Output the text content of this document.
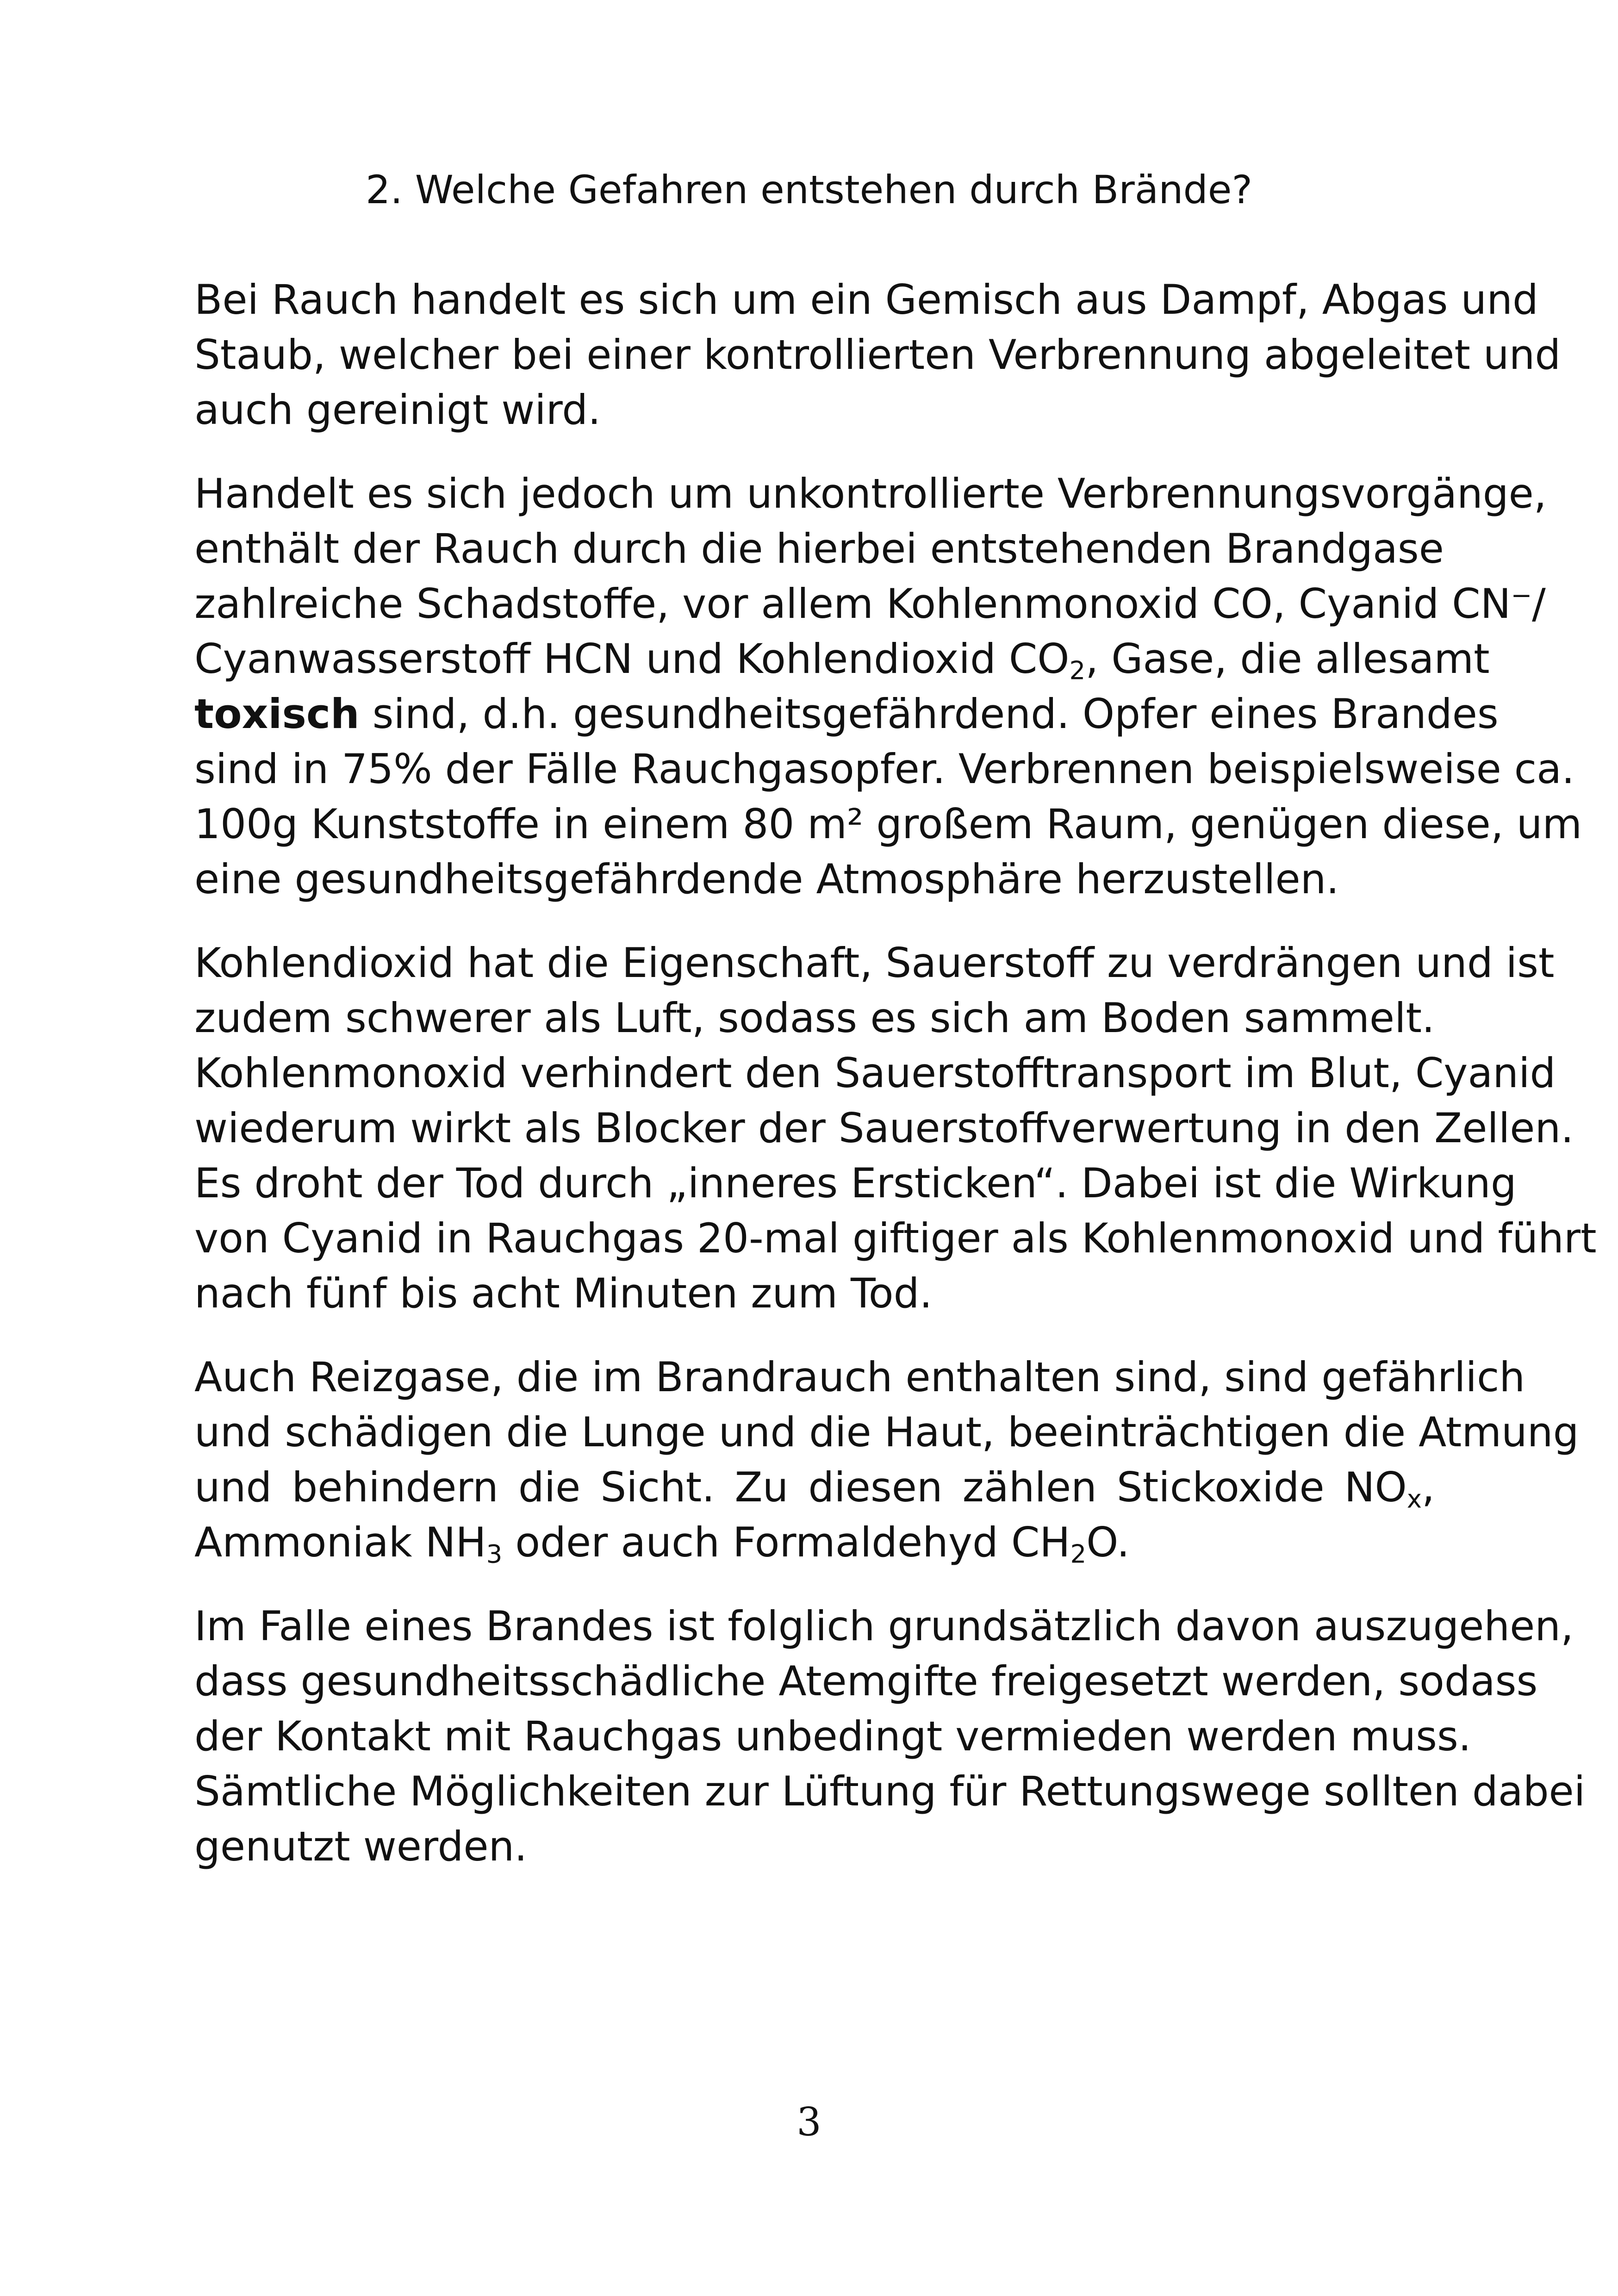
2. Welche Gefahren entstehen durch Brände?

Bei Rauch handelt es sich um ein Gemisch aus Dampf, Abgas und
Staub, welcher bei einer kontrollierten Verbrennung abgeleitet und
auch gereinigt wird.

Handelt es sich jedoch um unkontrollierte Verbrennungsvorgänge,
enthält der Rauch durch die hierbei entstehenden Brandgase
zahlreiche Schadstoffe, vor allem Kohlenmonoxid CO, Cyanid CN−/
Cyanwasserstoff HCN und Kohlendioxid $CO_2$, Gase, die allesamt
toxisch sind, d.h. gesundheitsgefährdend. Opfer eines Brandes
sind in 75% der Fälle Rauchgasopfer. Verbrennen beispielsweise ca.
100g Kunststoffe in einem 80 m² großem Raum, genügen diese, um
eine gesundheitsgefährdende Atmosphäre herzustellen.

Kohlendioxid hat die Eigenschaft, Sauerstoff zu verdrängen und ist
zudem schwerer als Luft, sodass es sich am Boden sammelt.
Kohlenmonoxid verhindert den Sauerstofftransport im Blut, Cyanid
wiederum wirkt als Blocker der Sauerstoffverwertung in den Zellen.
Es droht der Tod durch „inneres Ersticken“. Dabei ist die Wirkung
von Cyanid in Rauchgas 20-mal giftiger als Kohlenmonoxid und führt
nach fünf bis acht Minuten zum Tod.

Auch Reizgase, die im Brandrauch enthalten sind, sind gefährlich
und schädigen die Lunge und die Haut, beeinträchtigen die Atmung
und behindern die Sicht. Zu diesen zählen Stickoxide $NO_x$,
Ammoniak $NH_3$ oder auch Formaldehyd $CH_2O$.

Im Falle eines Brandes ist folglich grundsätzlich davon auszugehen,
dass gesundheitsschädliche Atemgifte freigesetzt werden, sodass
der Kontakt mit Rauchgas unbedingt vermieden werden muss.
Sämtliche Möglichkeiten zur Lüftung für Rettungswege sollten dabei
genutzt werden.

3
